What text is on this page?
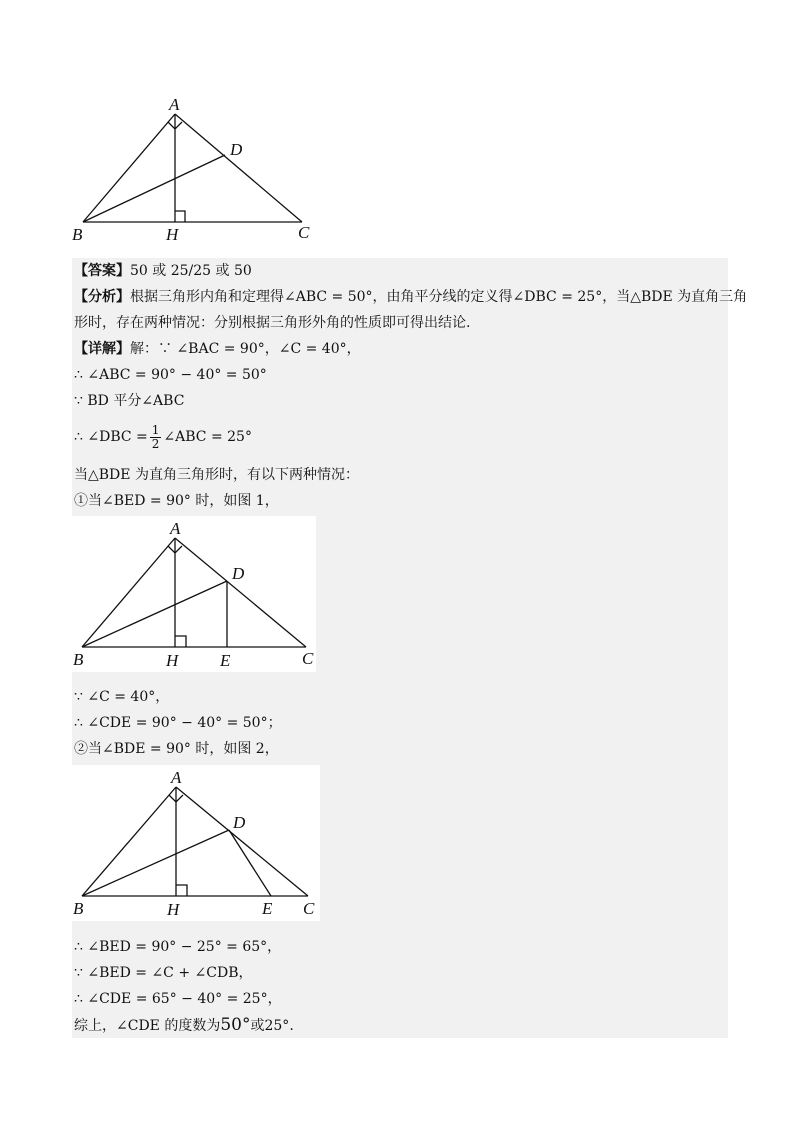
A
D
B	H	C
【答案】50 或 25/25 或 50
【分析】根据三角形内角和定理得∠ABC = 50°，由角平分线的定义得∠DBC = 25°，当△BDE 为直角三角
形时，存在两种情况：分别根据三角形外角的性质即可得出结论.
【详解】解：∵ ∠BAC = 90°，∠C = 40°，
∴ ∠ABC = 90° − 40° = 50°
∵ BD 平分∠ABC
∴ ∠DBC = $\frac{1}{2}$ ∠ABC = 25°
当△BDE 为直角三角形时，有以下两种情况：
①当∠BED = 90° 时，如图 1，
A
D
B	H E	C
∵ ∠C = 40°，
∴ ∠CDE = 90° − 40° = 50°；
②当∠BDE = 90° 时，如图 2，
A
D
B	H	E C
∴ ∠BED = 90° − 25° = 65°，
∵ ∠BED = ∠C + ∠CDB，
∴ ∠CDE = 65° − 40° = 25°，
综上，∠CDE 的度数为50°或25°.
